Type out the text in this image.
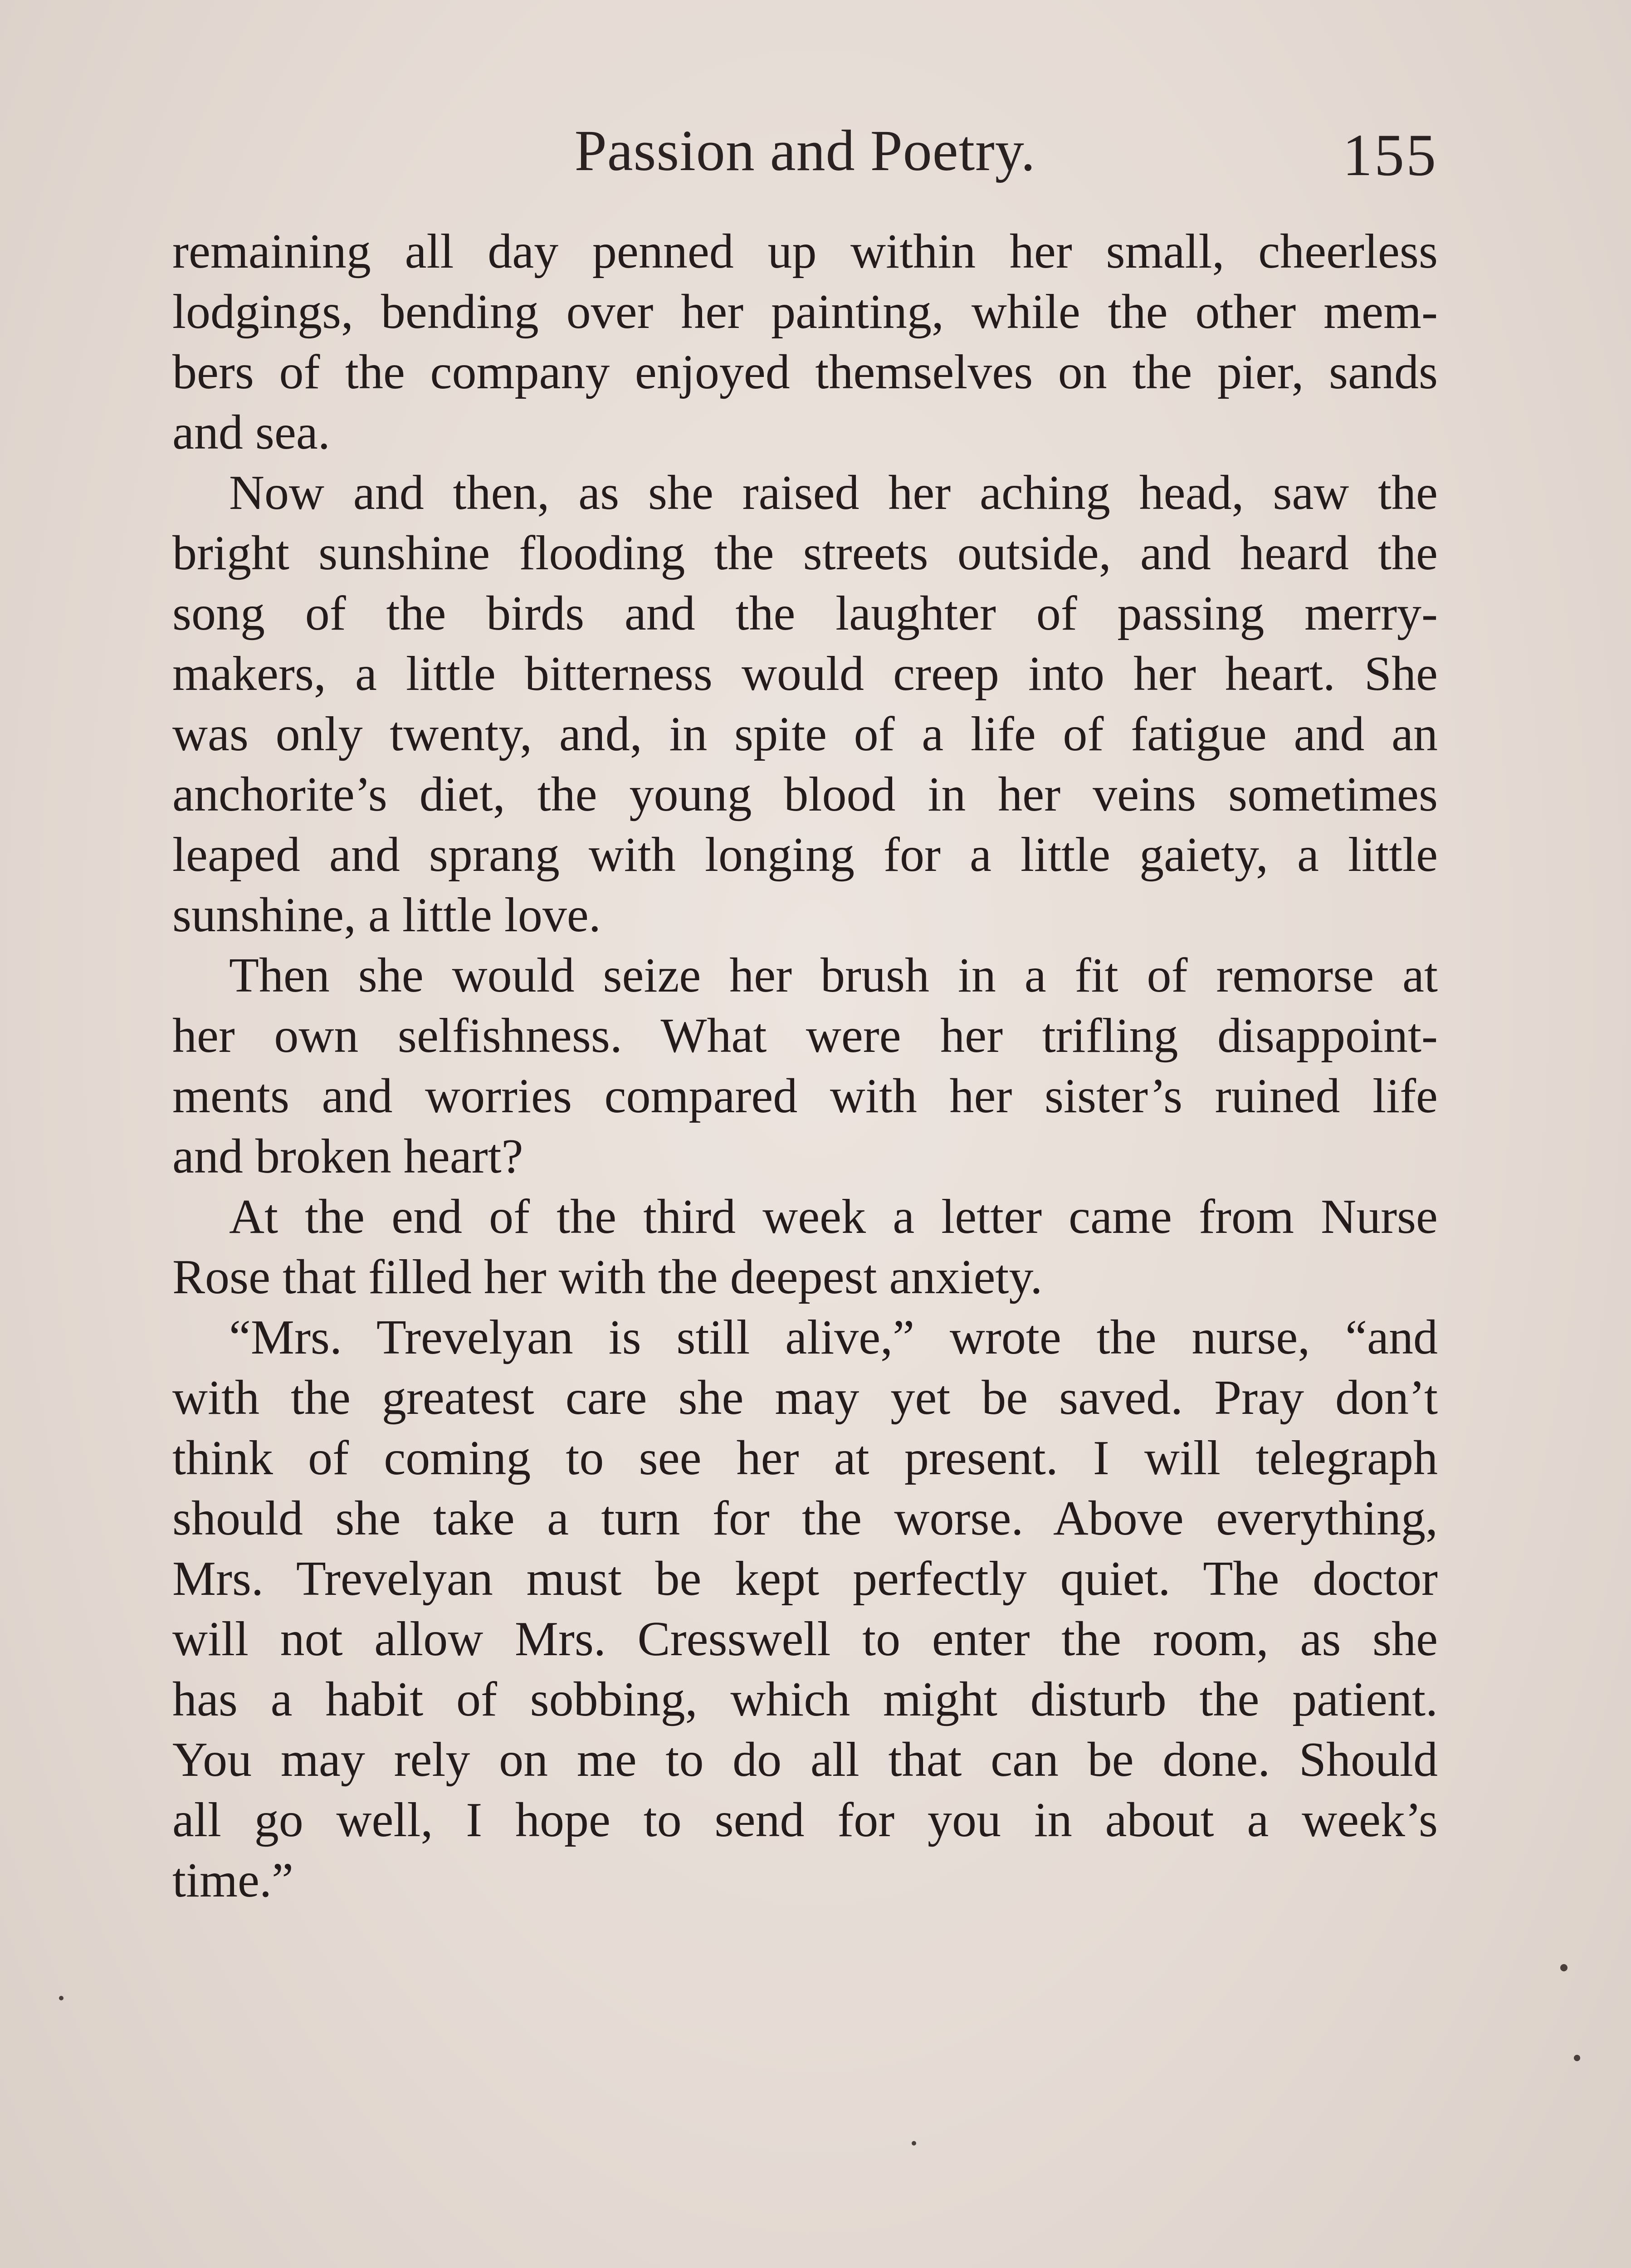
Passion and Poetry.	155
remaining all day penned up within her small, cheerless
lodgings, bending over her painting, while the other mem-
bers of the company enjoyed themselves on the pier, sands
and sea.
Now and then, as she raised her aching head, saw the
bright sunshine flooding the streets outside, and heard the
song of the birds and the laughter of passing merry-
makers, a little bitterness would creep into her heart. She
was only twenty, and, in spite of a life of fatigue and an
anchorite’s diet, the young blood in her veins sometimes
leaped and sprang with longing for a little gaiety, a little
sunshine, a little love.
Then she would seize her brush in a fit of remorse at
her own selfishness. What were her trifling disappoint-
ments and worries compared with her sister’s ruined life
and broken heart?
At the end of the third week a letter came from Nurse
Rose that filled her with the deepest anxiety.
“Mrs. Trevelyan is still alive,” wrote the nurse, “and
with the greatest care she may yet be saved. Pray don’t
think of coming to see her at present. I will telegraph
should she take a turn for the worse. Above everything,
Mrs. Trevelyan must be kept perfectly quiet. The doctor
will not allow Mrs. Cresswell to enter the room, as she
has a habit of sobbing, which might disturb the patient.
You may rely on me to do all that can be done. Should
all go well, I hope to send for you in about a week’s
time.”
